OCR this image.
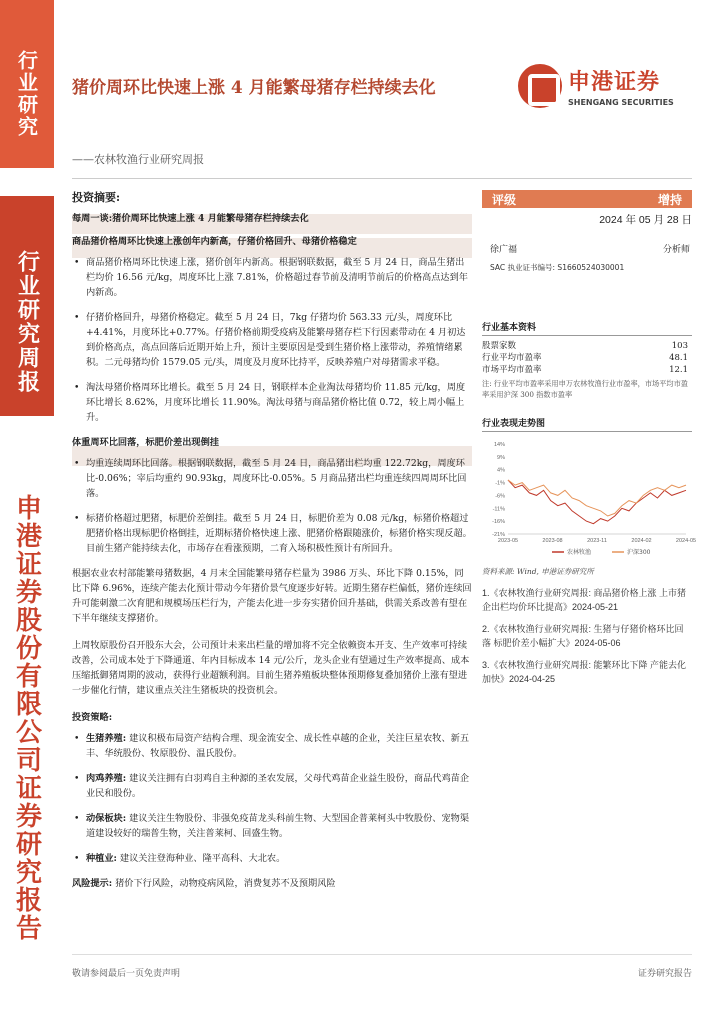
行业研究
行业研究周报
申港证券股份有限公司证券研究报告
猪价周环比快速上涨 4 月能繁母猪存栏持续去化
——农林牧渔行业研究周报
申港证券
SHENGANG SECURITIES
投资摘要:
每周一谈:猪价周环比快速上涨 4 月能繁母猪存栏持续去化
商品猪价格周环比快速上涨创年内新高，仔猪价格回升、母猪价格稳定
• 商品猪价格周环比快速上涨，猪价创年内新高。根据钢联数据，截至 5 月 24 日，商品生猪出栏均价 16.56 元/kg，周度环比上涨 7.81%，价格超过春节前及清明节前后的价格高点达到年内新高。
• 仔猪价格回升，母猪价格稳定。截至 5 月 24 日，7kg 仔猪均价 563.33 元/头，周度环比+4.41%，月度环比+0.77%。仔猪价格前期受疫病及能繁母猪存栏下行因素带动在 4 月初达到价格高点，高点回落后近期开始上升，预计主要原因是受到生猪价格上涨带动，养殖情绪累积。二元母猪均价 1579.05 元/头，周度及月度环比持平，反映养殖户对母猪需求平稳。
• 淘汰母猪价格周环比增长。截至 5 月 24 日，钢联样本企业淘汰母猪均价 11.85 元/kg，周度环比增长 8.62%，月度环比增长 11.90%。淘汰母猪与商品猪价格比值 0.72，较上周小幅上升。
体重周环比回落，标肥价差出现倒挂
• 均重连续周环比回落。根据钢联数据，截至 5 月 24 日，商品猪出栏均重 122.72kg，周度环比-0.06%；宰后均重约 90.93kg，周度环比-0.05%。5 月商品猪出栏均重连续四周周环比回落。
• 标猪价格超过肥猪，标肥价差倒挂。截至 5 月 24 日，标肥价差为 0.08 元/kg，标猪价格超过肥猪价格出现标肥价格倒挂，近期标猪价格快速上涨、肥猪价格跟随涨价，标猪价格实现反超。目前生猪产能持续去化，市场存在看涨预期，二育入场积极性预计有所回升。
根据农业农村部能繁母猪数据，4 月末全国能繁母猪存栏量为 3986 万头、环比下降 0.15%，同比下降 6.96%，连续产能去化预计带动今年猪价景气度逐步好转。近期生猪存栏偏低，猪价连续回升可能刺激二次育肥和规模场压栏行为，产能去化进一步夯实猪价回升基础，供需关系改善有望在下半年继续支撑猪价。
上周牧原股份召开股东大会，公司预计未来出栏量的增加将不完全依赖资本开支、生产效率可持续改善，公司成本处于下降通道、年内目标成本 14 元/公斤，龙头企业有望通过生产效率提高、成本压缩抵御猪周期的波动，获得行业超额利润。目前生猪养殖板块整体预期修复叠加猪价上涨有望进一步催化行情，建议重点关注生猪板块的投资机会。
投资策略:
• 生猪养殖: 建议积极布局资产结构合理、现金流安全、成长性卓越的企业，关注巨星农牧、新五丰、华统股份、牧原股份、温氏股份。
• 肉鸡养殖: 建议关注拥有白羽鸡自主种源的圣农发展，父母代鸡苗企业益生股份，商品代鸡苗企业民和股份。
• 动保板块: 建议关注生物股份、非强免疫苗龙头科前生物、大型国企普莱柯头中牧股份、宠物渠道建设较好的瑞普生物，关注普莱柯、回盛生物。
• 种植业: 建议关注登海种业、隆平高科、大北农。
风险提示: 猪价下行风险，动物疫病风险，消费复苏不及预期风险
评级	增持
2024 年 05 月 28 日
徐广福	分析师
SAC 执业证书编号: S1660524030001
行业基本资料
股票家数	103
行业平均市盈率	48.1
市场平均市盈率	12.1
注: 行业平均市盈率采用申万农林牧渔行业市盈率，市场平均市盈率采用沪深 300 指数市盈率
行业表现走势图
14%
9%
4%
-1%
-6%
-11%
-16%
-21%
2023-05	2023-08	2023-11	2024-02	2024-05
农林牧渔	沪深300
资料来源: Wind, 申港证券研究所
1.《农林牧渔行业研究周报: 商品猪价格上涨 上市猪企出栏均价环比提高》2024-05-21
2.《农林牧渔行业研究周报: 生猪与仔猪价格环比回落 标肥价差小幅扩大》2024-05-06
3.《农林牧渔行业研究周报: 能繁环比下降 产能去化加快》2024-04-25
敬请参阅最后一页免责声明	证券研究报告
